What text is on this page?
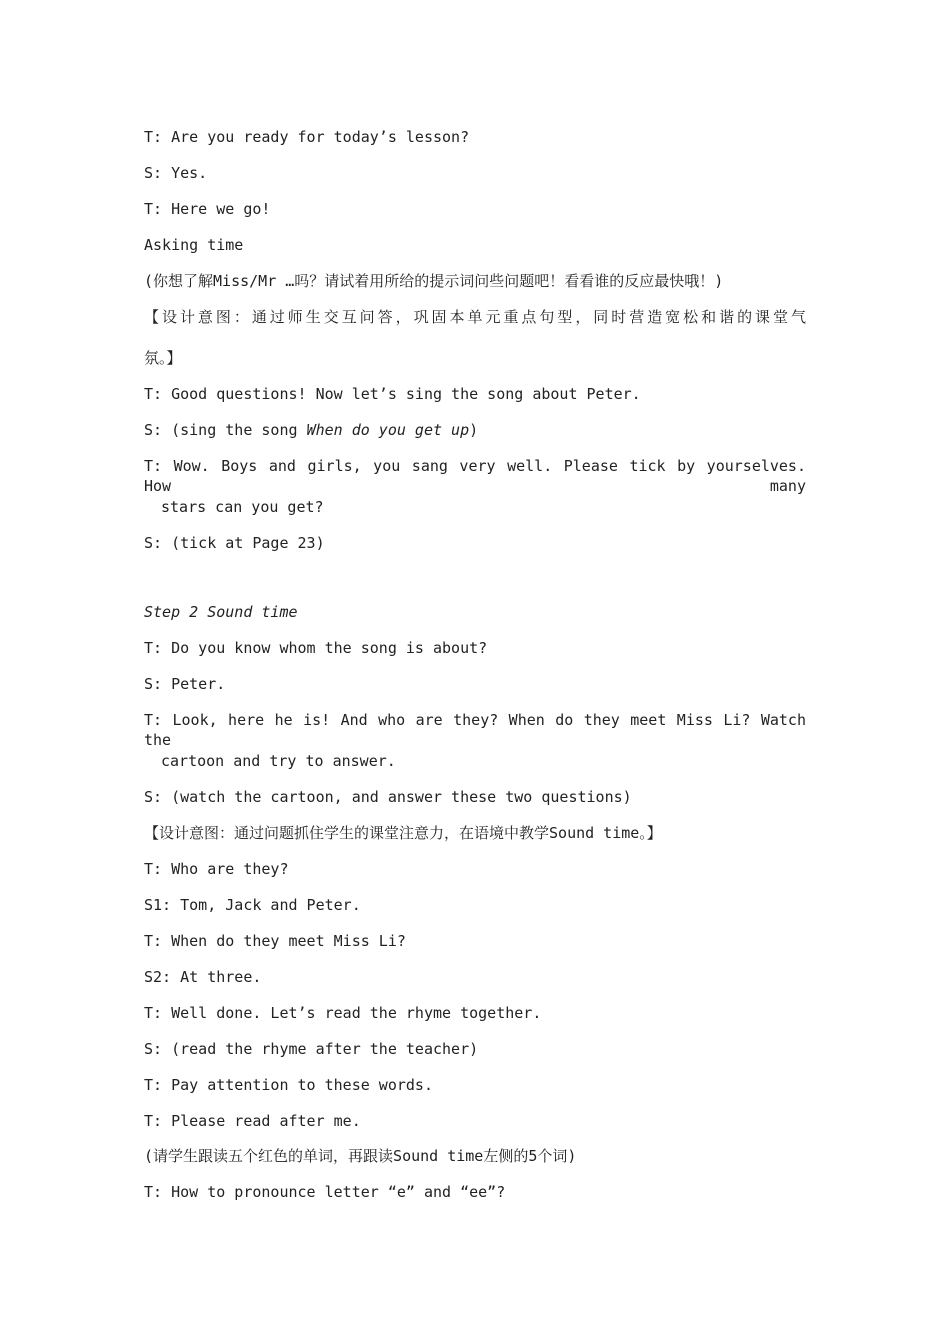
T: Are you ready for today’s lesson?
S: Yes.
T: Here we go!
Asking time
(你想了解Miss/Mr …吗？请试着用所给的提示词问些问题吧！看看谁的反应最快哦！)
【设计意图：通过师生交互问答，巩固本单元重点句型，同时营造宽松和谐的课堂气
氛。】
T: Good questions! Now let’s sing the song about Peter.
S: (sing the song When do you get up)
T: Wow. Boys and girls, you sang very well. Please tick by yourselves. How many
stars can you get?
S: (tick at Page 23)
Step 2 Sound time
T: Do you know whom the song is about?
S: Peter.
T: Look, here he is! And who are they? When do they meet Miss Li? Watch the
cartoon and try to answer.
S: (watch the cartoon, and answer these two questions)
【设计意图：通过问题抓住学生的课堂注意力，在语境中教学Sound time。】
T: Who are they?
S1: Tom, Jack and Peter.
T: When do they meet Miss Li?
S2: At three.
T: Well done. Let’s read the rhyme together.
S: (read the rhyme after the teacher)
T: Pay attention to these words.
T: Please read after me.
(请学生跟读五个红色的单词，再跟读Sound time左侧的5个词)
T: How to pronounce letter “e” and “ee”?
